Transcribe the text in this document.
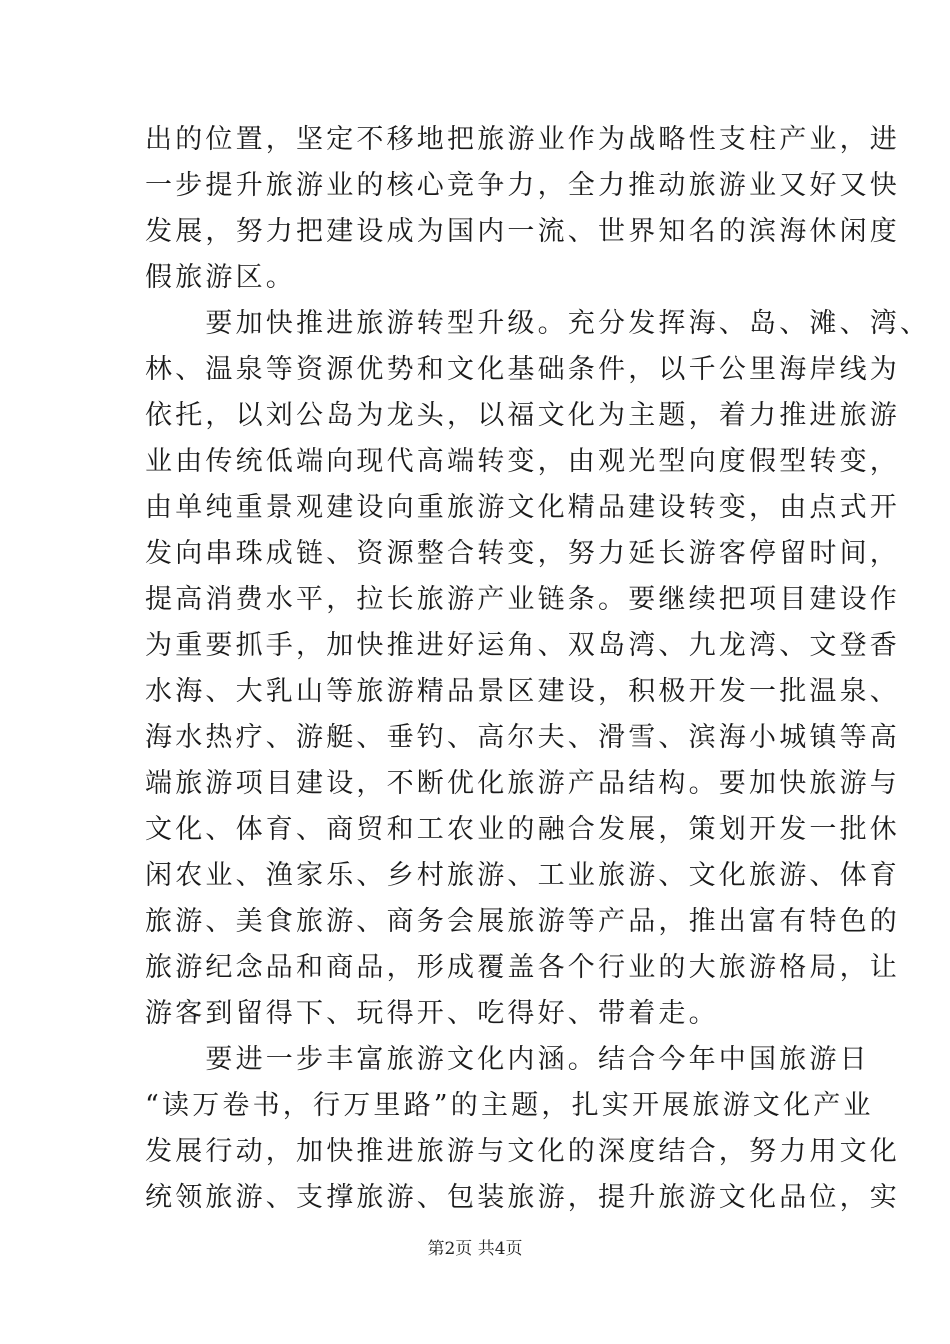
出的位置，坚定不移地把旅游业作为战略性支柱产业，进
一步提升旅游业的核心竞争力，全力推动旅游业又好又快
发展，努力把建设成为国内一流、世界知名的滨海休闲度
假旅游区。
　　要加快推进旅游转型升级。充分发挥海、岛、滩、湾、
林、温泉等资源优势和文化基础条件，以千公里海岸线为
依托，以刘公岛为龙头，以福文化为主题，着力推进旅游
业由传统低端向现代高端转变，由观光型向度假型转变，
由单纯重景观建设向重旅游文化精品建设转变，由点式开
发向串珠成链、资源整合转变，努力延长游客停留时间，
提高消费水平，拉长旅游产业链条。要继续把项目建设作
为重要抓手，加快推进好运角、双岛湾、九龙湾、文登香
水海、大乳山等旅游精品景区建设，积极开发一批温泉、
海水热疗、游艇、垂钓、高尔夫、滑雪、滨海小城镇等高
端旅游项目建设，不断优化旅游产品结构。要加快旅游与
文化、体育、商贸和工农业的融合发展，策划开发一批休
闲农业、渔家乐、乡村旅游、工业旅游、文化旅游、体育
旅游、美食旅游、商务会展旅游等产品，推出富有特色的
旅游纪念品和商品，形成覆盖各个行业的大旅游格局，让
游客到留得下、玩得开、吃得好、带着走。
　　要进一步丰富旅游文化内涵。结合今年中国旅游日
“读万卷书，行万里路”的主题，扎实开展旅游文化产业
发展行动，加快推进旅游与文化的深度结合，努力用文化
统领旅游、支撑旅游、包装旅游，提升旅游文化品位，实
第2页 共4页
